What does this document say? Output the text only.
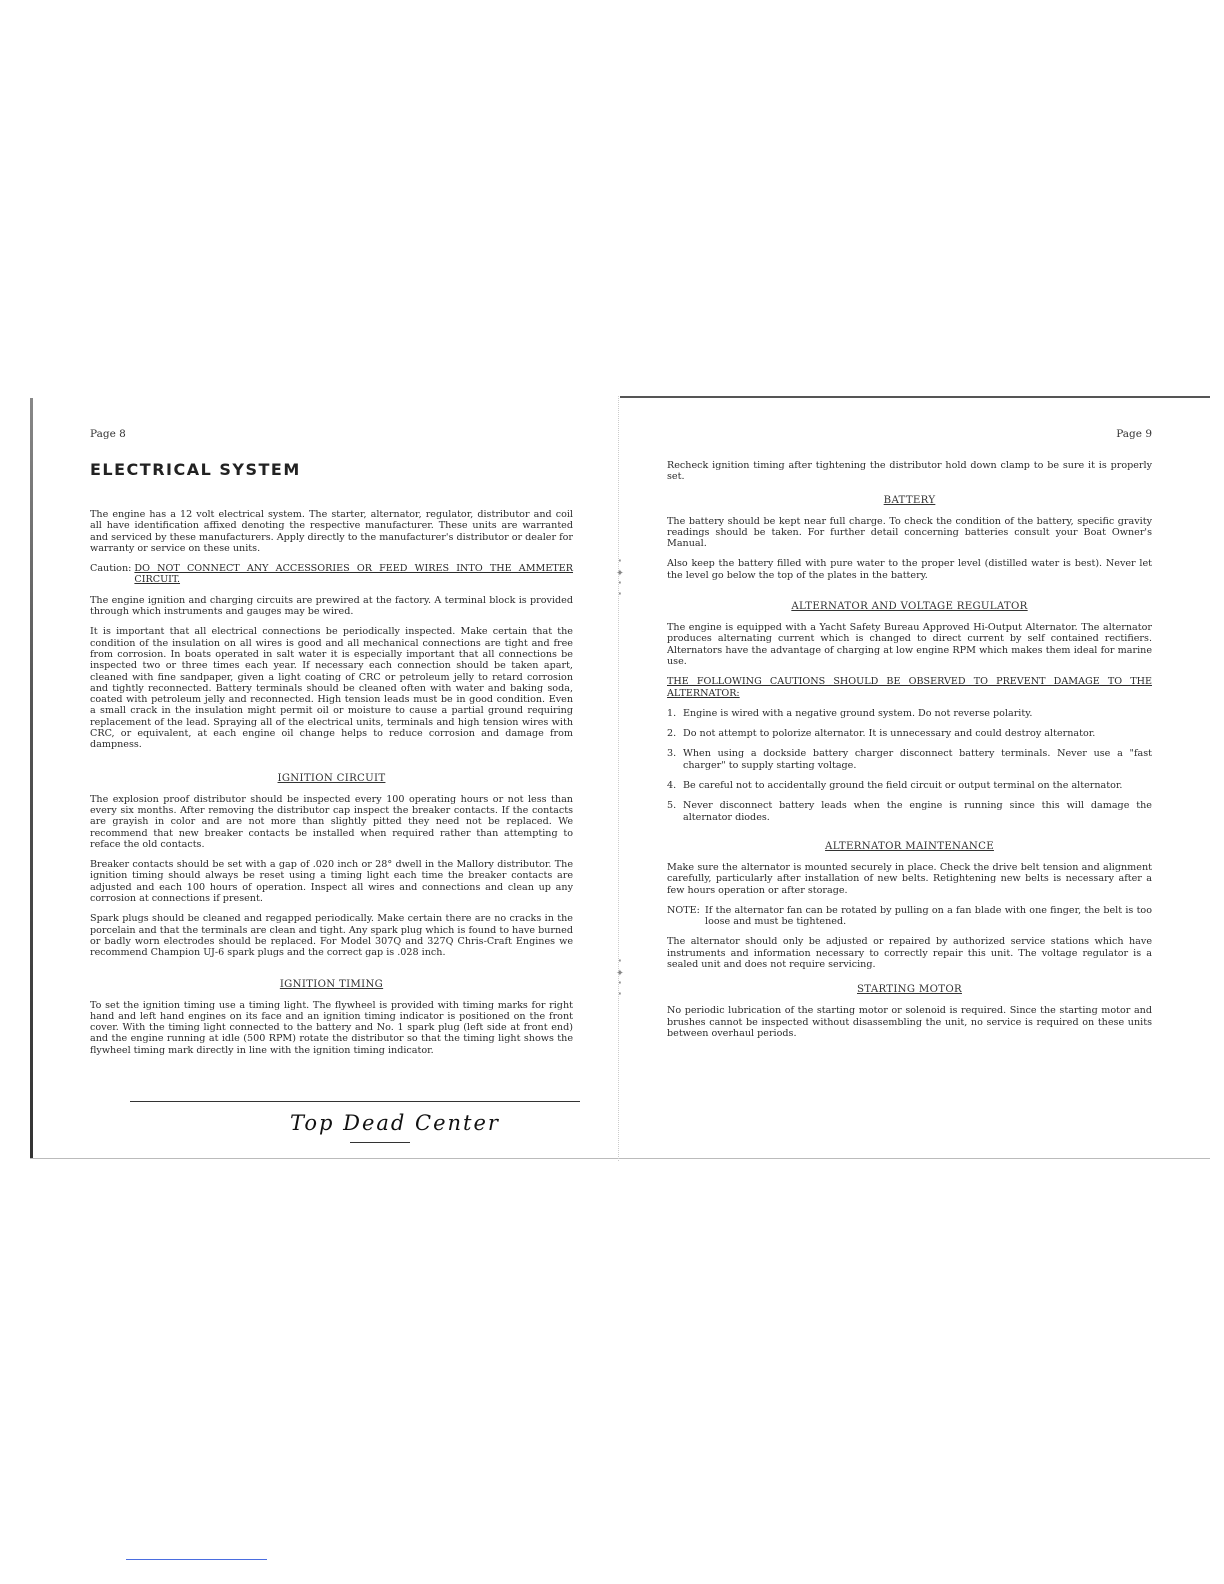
·
✦
·
·
·
✦
·
·
Page 8
ELECTRICAL SYSTEM

The engine has a 12 volt electrical system. The starter, alternator, regulator, distributor and coil all have identification affixed denoting the respective manufacturer. These units are warranted and serviced by these manufacturers. Apply directly to the manufacturer's distributor or dealer for warranty or service on these units.

Caution: DO NOT CONNECT ANY ACCESSORIES OR FEED WIRES INTO THE AMMETER CIRCUIT.

The engine ignition and charging circuits are prewired at the factory. A terminal block is provided through which instruments and gauges may be wired.

It is important that all electrical connections be periodically inspected. Make certain that the condition of the insulation on all wires is good and all mechanical connections are tight and free from corrosion. In boats operated in salt water it is especially important that all connections be inspected two or three times each year. If necessary each connection should be taken apart, cleaned with fine sandpaper, given a light coating of CRC or petroleum jelly to retard corrosion and tightly reconnected. Battery terminals should be cleaned often with water and baking soda, coated with petroleum jelly and reconnected. High tension leads must be in good condition. Even a small crack in the insulation might permit oil or moisture to cause a partial ground requiring replacement of the lead. Spraying all of the electrical units, terminals and high tension wires with CRC, or equivalent, at each engine oil change helps to reduce corrosion and damage from dampness.

IGNITION CIRCUIT

The explosion proof distributor should be inspected every 100 operating hours or not less than every six months. After removing the distributor cap inspect the breaker contacts. If the contacts are grayish in color and are not more than slightly pitted they need not be replaced. We recommend that new breaker contacts be installed when required rather than attempting to reface the old contacts.

Breaker contacts should be set with a gap of .020 inch or 28° dwell in the Mallory distributor. The ignition timing should always be reset using a timing light each time the breaker contacts are adjusted and each 100 hours of operation. Inspect all wires and connections and clean up any corrosion at connections if present.

Spark plugs should be cleaned and regapped periodically. Make certain there are no cracks in the porcelain and that the terminals are clean and tight. Any spark plug which is found to have burned or badly worn electrodes should be replaced. For Model 307Q and 327Q Chris-Craft Engines we recommend Champion UJ-6 spark plugs and the correct gap is .028 inch.

IGNITION TIMING

To set the ignition timing use a timing light. The flywheel is provided with timing marks for right hand and left hand engines on its face and an ignition timing indicator is positioned on the front cover. With the timing light connected to the battery and No. 1 spark plug (left side at front end) and the engine running at idle (500 RPM) rotate the distributor so that the timing light shows the flywheel timing mark directly in line with the ignition timing indicator.

Top Dead Center
Page 9

Recheck ignition timing after tightening the distributor hold down clamp to be sure it is properly set.

BATTERY

The battery should be kept near full charge. To check the condition of the battery, specific gravity readings should be taken. For further detail concerning batteries consult your Boat Owner's Manual.

Also keep the battery filled with pure water to the proper level (distilled water is best). Never let the level go below the top of the plates in the battery.

ALTERNATOR AND VOLTAGE REGULATOR

The engine is equipped with a Yacht Safety Bureau Approved Hi-Output Alternator. The alternator produces alternating current which is changed to direct current by self contained rectifiers. Alternators have the advantage of charging at low engine RPM which makes them ideal for marine use.

THE FOLLOWING CAUTIONS SHOULD BE OBSERVED TO PREVENT DAMAGE TO THE ALTERNATOR:

1. Engine is wired with a negative ground system. Do not reverse polarity.
2. Do not attempt to polorize alternator. It is unnecessary and could destroy alternator.
3. When using a dockside battery charger disconnect battery terminals. Never use a "fast charger" to supply starting voltage.
4. Be careful not to accidentally ground the field circuit or output terminal on the alternator.
5. Never disconnect battery leads when the engine is running since this will damage the alternator diodes.
ALTERNATOR MAINTENANCE

Make sure the alternator is mounted securely in place. Check the drive belt tension and alignment carefully, particularly after installation of new belts. Retightening new belts is necessary after a few hours operation or after storage.

NOTE: If the alternator fan can be rotated by pulling on a fan blade with one finger, the belt is too loose and must be tightened.

The alternator should only be adjusted or repaired by authorized service stations which have instruments and information necessary to correctly repair this unit. The voltage regulator is a sealed unit and does not require servicing.

STARTING MOTOR

No periodic lubrication of the starting motor or solenoid is required. Since the starting motor and brushes cannot be inspected without disassembling the unit, no service is required on these units between overhaul periods.
